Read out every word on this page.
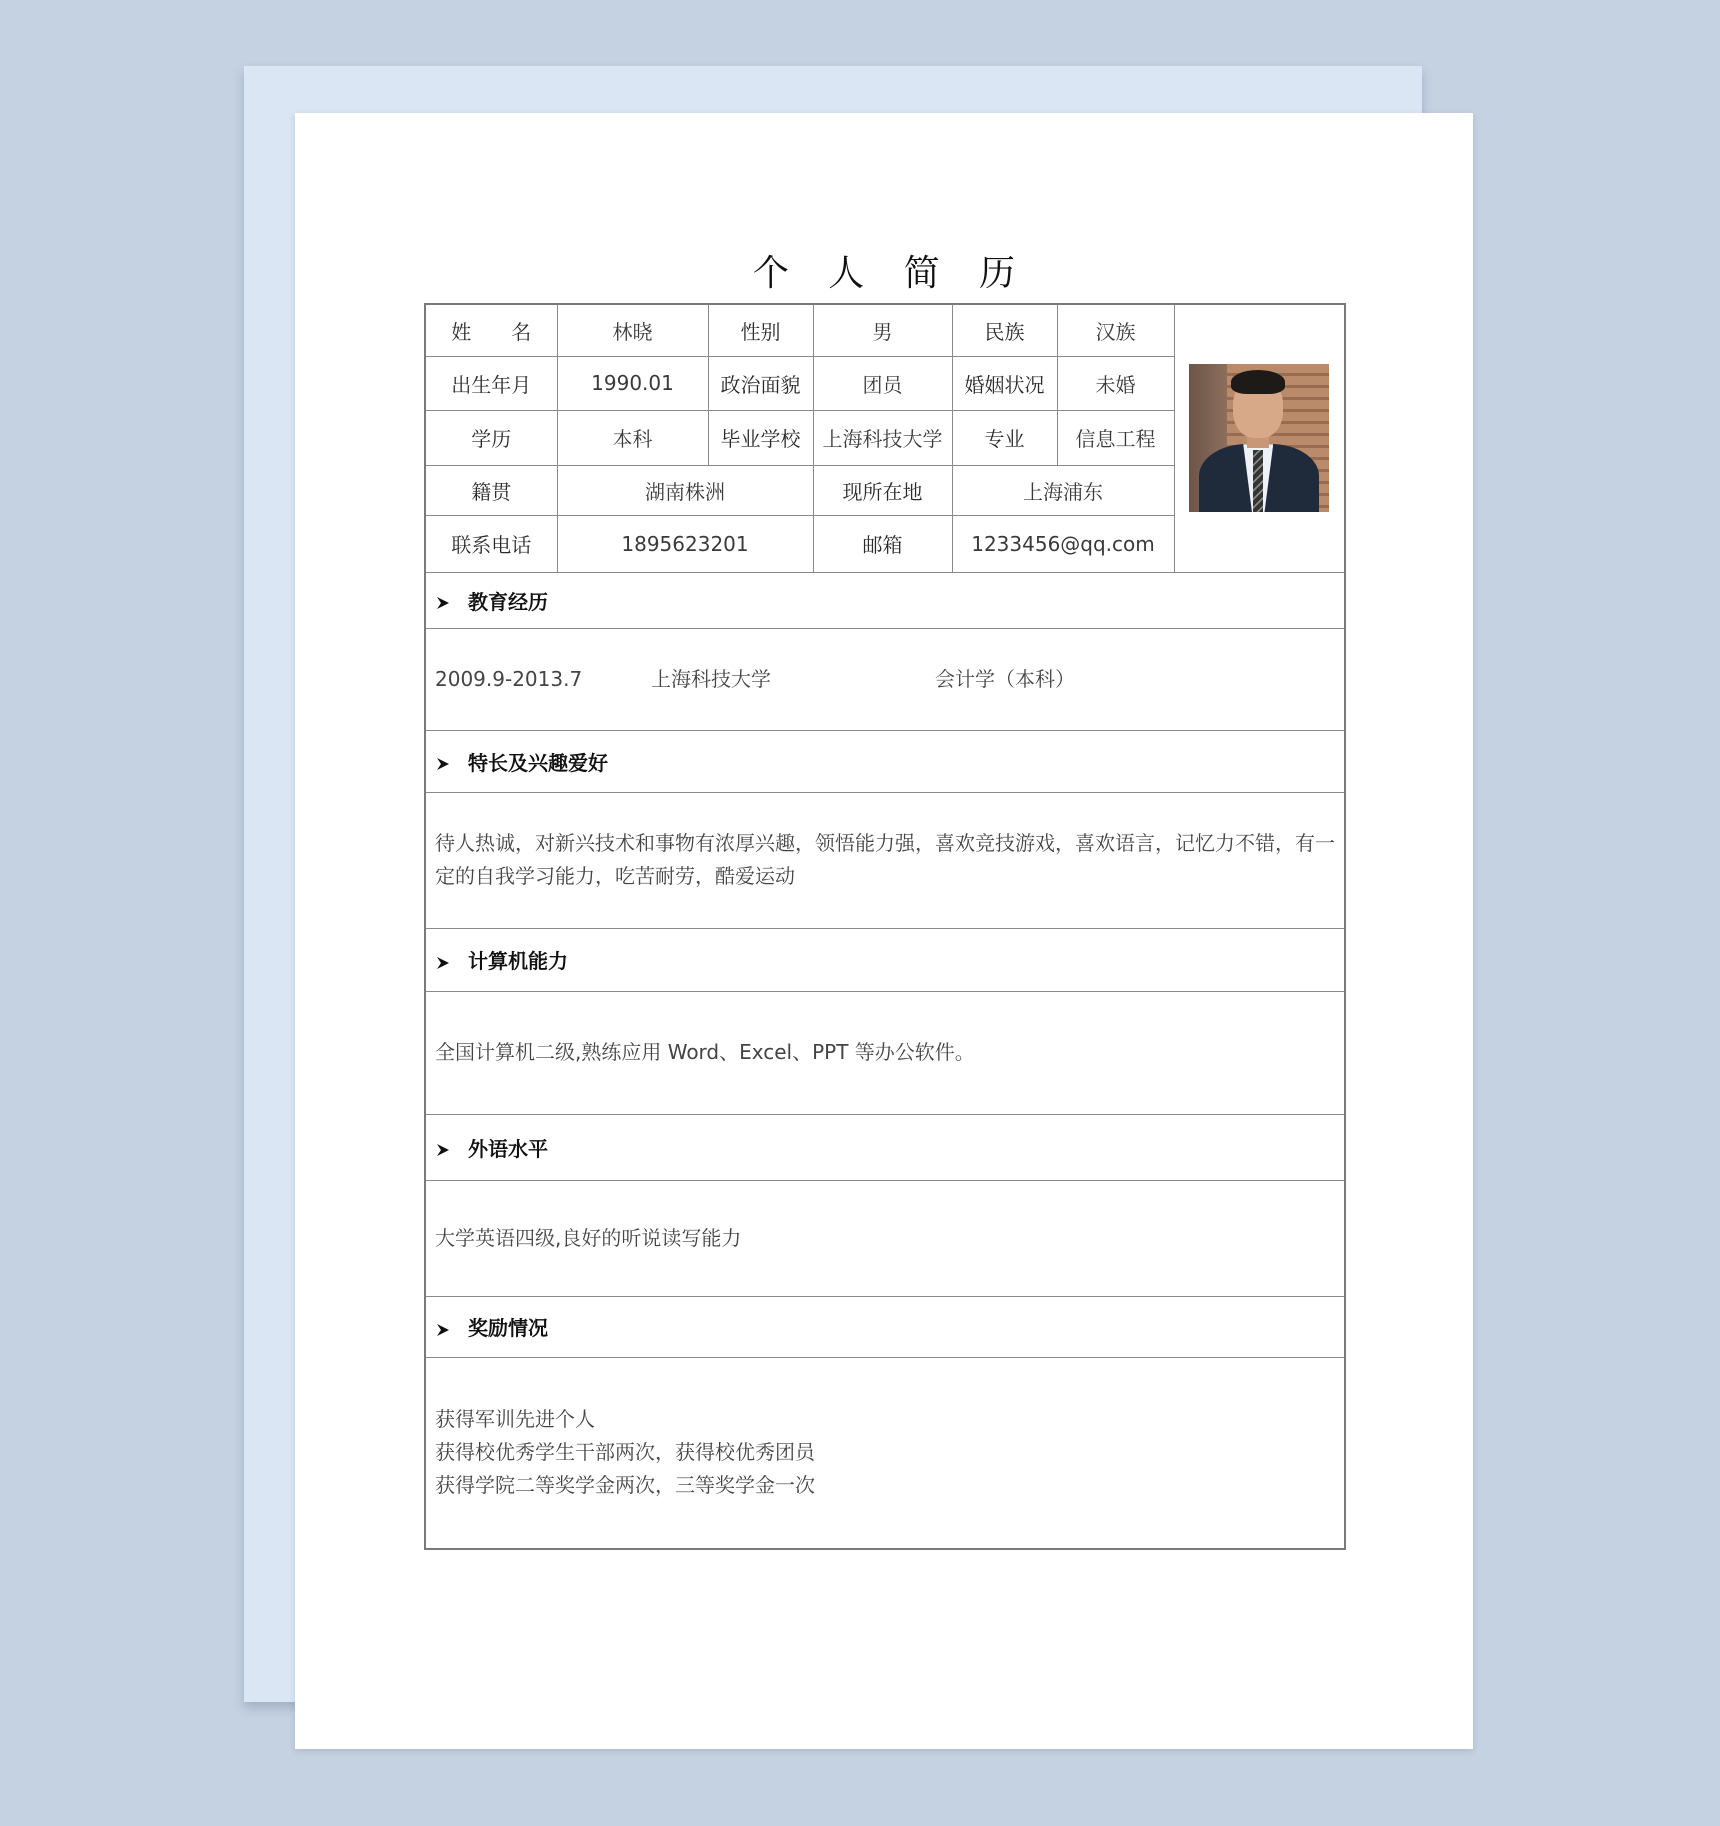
个 人 简 历
姓　　名	林晓	性别	男	民族	汉族	

出生年月	1990.01	政治面貌	团员	婚姻状况	未婚	
学历	本科	毕业学校	上海科技大学	专业	信息工程	
籍贯	湖南株洲		现所在地	上海浦东		
联系电话	1895623201		邮箱	1233456@qq.com		
教育经历						
2009.9-2013.7 上海科技大学 会计学（本科）						
特长及兴趣爱好						
待人热诚，对新兴技术和事物有浓厚兴趣，领悟能力强，喜欢竞技游戏，喜欢语言，记忆力不错，有一定的自我学习能力，吃苦耐劳，酷爱运动						
计算机能力						
全国计算机二级,熟练应用 Word、Excel、PPT 等办公软件。						
外语水平						
大学英语四级,良好的听说读写能力						
奖励情况						

获得军训先进个人
获得校优秀学生干部两次，获得校优秀团员
获得学院二等奖学金两次，三等奖学金一次						
